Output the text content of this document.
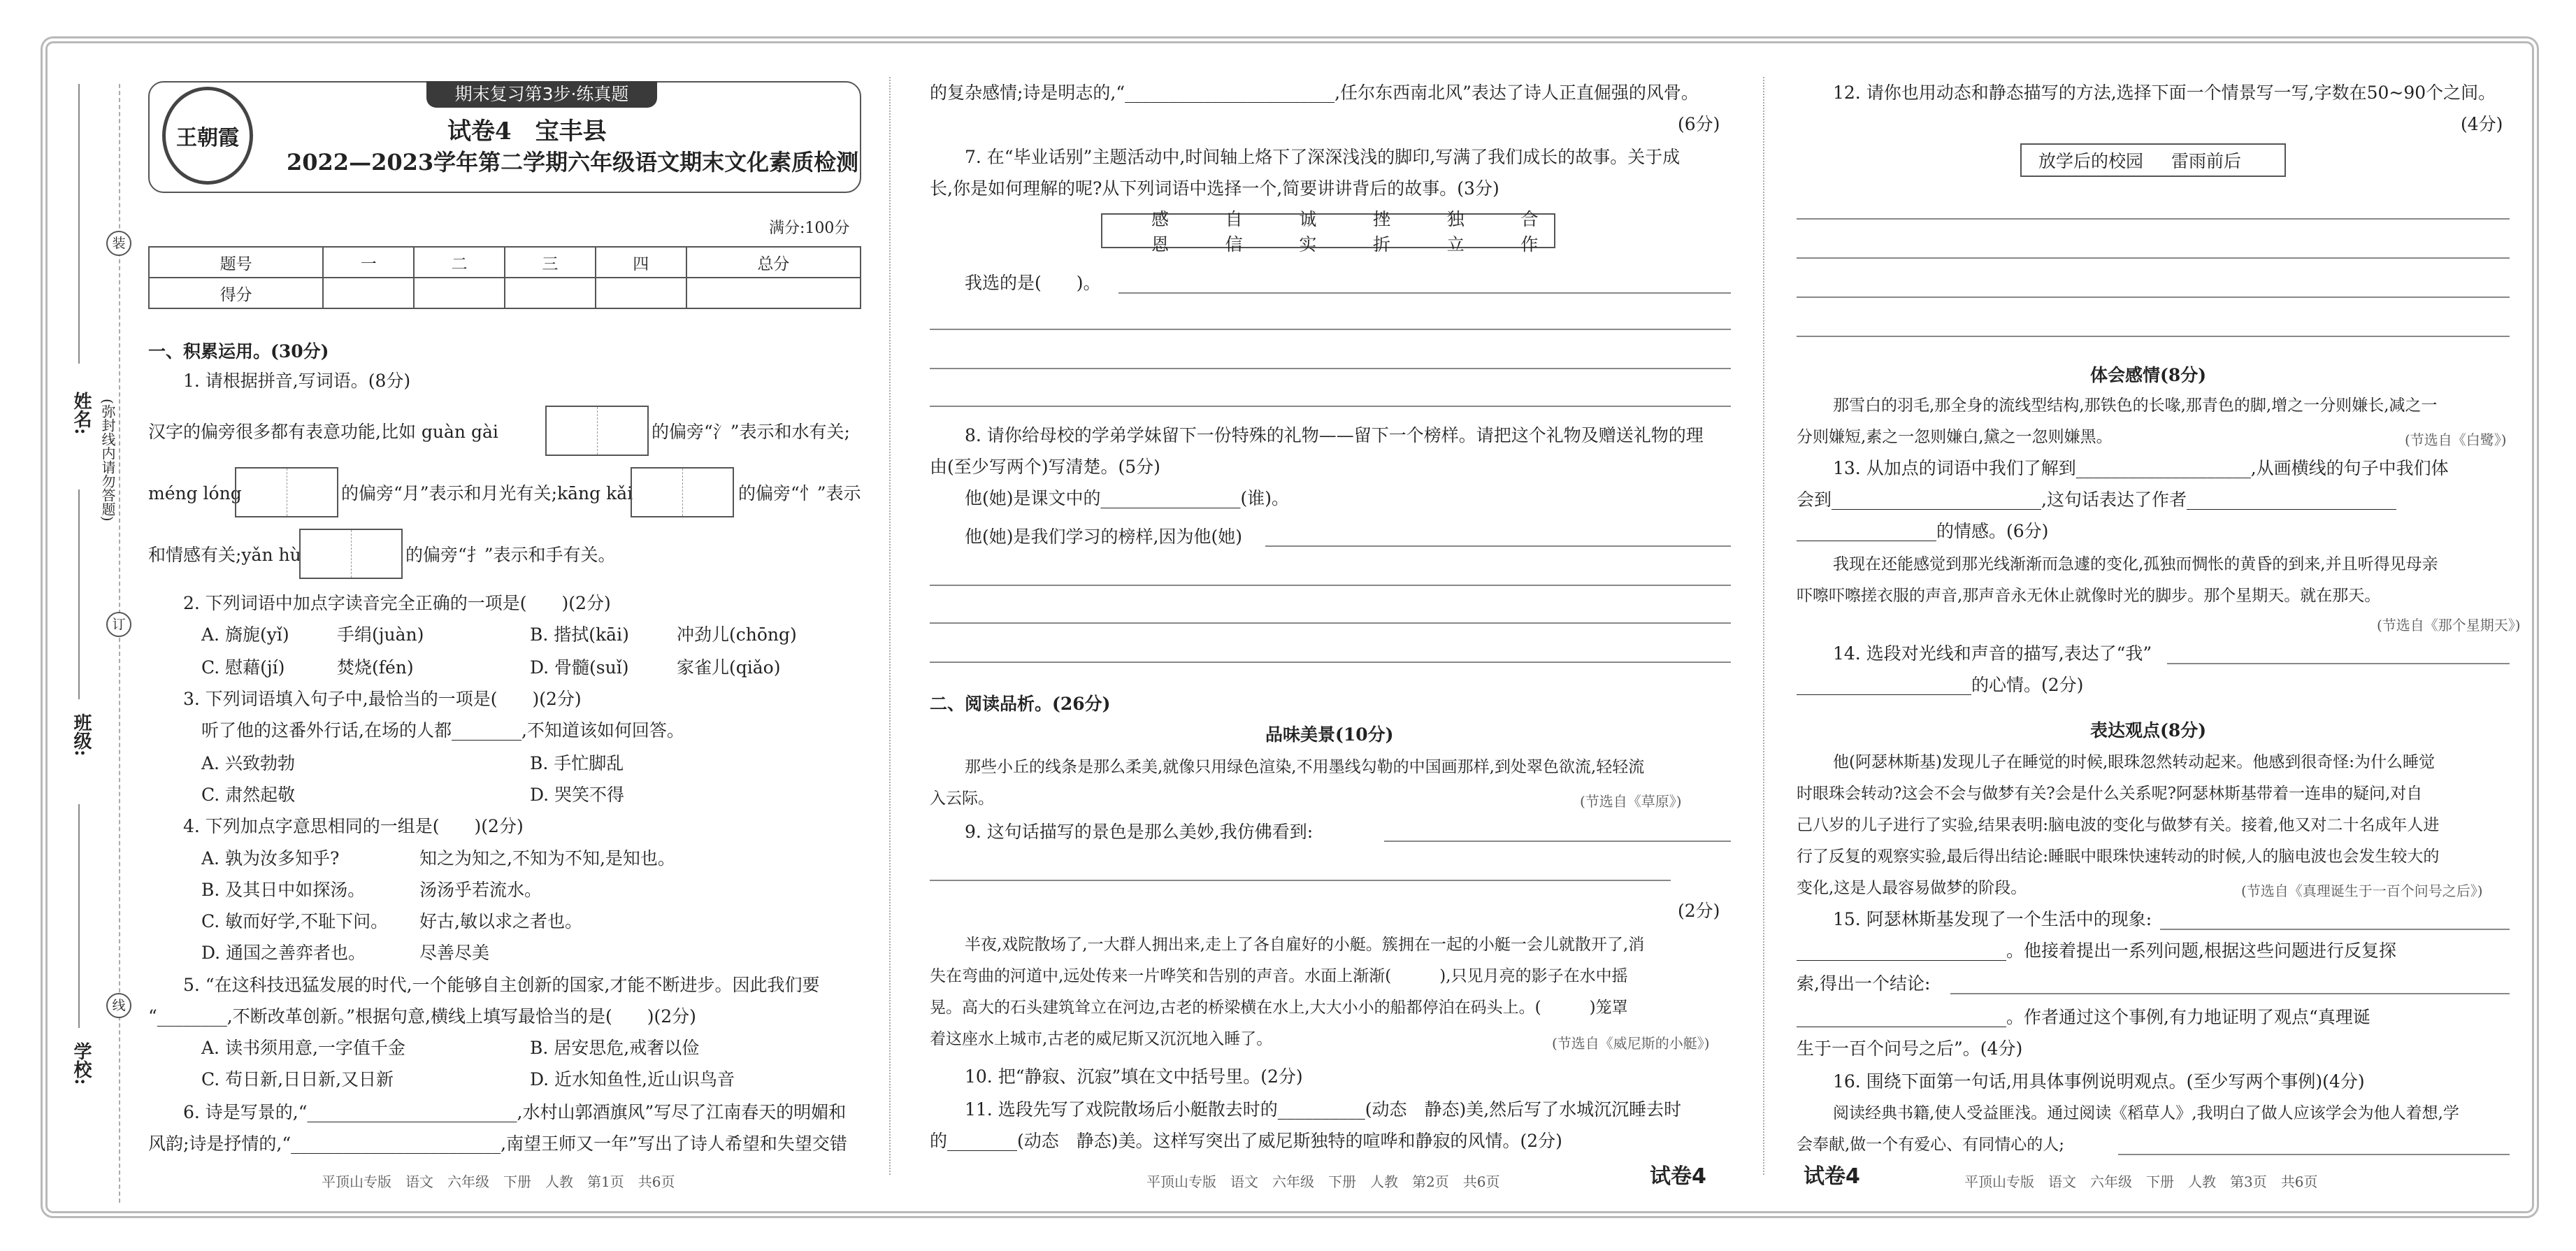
装
订
线
姓名: (弥封线内请勿答题)
班级:
学校:
期末复习第3步·练真题
王朝霞	试卷4　宝丰县
2022—2023学年第二学期六年级语文期末文化素质检测
满分:100分
题号	一	二	三	四	总分
得分					
一、积累运用。(30分)
1. 请根据拼音,写词语。(8分)
汉字的偏旁很多都有表意功能,比如 guàn gài	的偏旁“氵”表示和水有关;
méng lóng	的偏旁“月”表示和月光有关;kāng kǎi	的偏旁“忄”表示
和情感有关;yǎn hù	的偏旁“扌”表示和手有关。
2. 下列词语中加点字读音完全正确的一项是(　　)(2分)
A. 旖旎(yǐ)	手绢(juàn)	B. 揩拭(kāi)	冲劲儿(chōng)
C. 慰藉(jí)	焚烧(fén)	D. 骨髓(suǐ)	家雀儿(qiǎo)
3. 下列词语填入句子中,最恰当的一项是(　　)(2分)
听了他的这番外行话,在场的人都________,不知道该如何回答。
A. 兴致勃勃	B. 手忙脚乱
C. 肃然起敬	D. 哭笑不得
4. 下列加点字意思相同的一组是(　　)(2分)
A. 孰为汝多知乎?	知之为知之,不知为不知,是知也。
B. 及其日中如探汤。	汤汤乎若流水。
C. 敏而好学,不耻下问。 好古,敏以求之者也。
D. 通国之善弈者也。	尽善尽美
5. “在这科技迅猛发展的时代,一个能够自主创新的国家,才能不断进步。因此我们要
“________,不断改革创新。”根据句意,横线上填写最恰当的是(　　)(2分)
A. 读书须用意,一字值千金	B. 居安思危,戒奢以俭
C. 苟日新,日日新,又日新	D. 近水知鱼性,近山识鸟音
6. 诗是写景的,“________________________,水村山郭酒旗风”写尽了江南春天的明媚和
风韵;诗是抒情的,“________________________,南望王师又一年”写出了诗人希望和失望交错
平顶山专版　语文　六年级　下册　人教　第1页　共6页
的复杂感情;诗是明志的,“________________________,任尔东西南北风”表达了诗人正直倔强的风骨。
(6分)
7. 在“毕业话别”主题活动中,时间轴上烙下了深深浅浅的脚印,写满了我们成长的故事。关于成
长,你是如何理解的呢?从下列词语中选择一个,简要讲讲背后的故事。(3分)
感恩
自信
诚实
挫折
独立
合作
我选的是(　　)。
8. 请你给母校的学弟学妹留下一份特殊的礼物——留下一个榜样。请把这个礼物及赠送礼物的理
由(至少写两个)写清楚。(5分)
他(她)是课文中的________________(谁)。
他(她)是我们学习的榜样,因为他(她)
二、阅读品析。(26分)
品味美景(10分)
那些小丘的线条是那么柔美,就像只用绿色渲染,不用墨线勾勒的中国画那样,到处翠色欲流,轻轻流
入云际。	(节选自《草原》)
9. 这句话描写的景色是那么美妙,我仿佛看到:
(2分)
半夜,戏院散场了,一大群人拥出来,走上了各自雇好的小艇。簇拥在一起的小艇一会儿就散开了,消
失在弯曲的河道中,远处传来一片哗笑和告别的声音。水面上渐渐(　　　),只见月亮的影子在水中摇
晃。高大的石头建筑耸立在河边,古老的桥梁横在水上,大大小小的船都停泊在码头上。(　　　)笼罩
着这座水上城市,古老的威尼斯又沉沉地入睡了。	(节选自《威尼斯的小艇》)
10. 把“静寂、沉寂”填在文中括号里。(2分)
11. 选段先写了戏院散场后小艇散去时的__________(动态　静态)美,然后写了水城沉沉睡去时
的________(动态　静态)美。这样写突出了威尼斯独特的喧哗和静寂的风情。(2分)
平顶山专版　语文　六年级　下册　人教　第2页　共6页	试卷4
12. 请你也用动态和静态描写的方法,选择下面一个情景写一写,字数在50~90个之间。
(4分)
放学后的校园 雷雨前后
体会感情(8分)
那雪白的羽毛,那全身的流线型结构,那铁色的长喙,那青色的脚,增之一分则嫌长,减之一
分则嫌短,素之一忽则嫌白,黛之一忽则嫌黑。	(节选自《白鹭》)
13. 从加点的词语中我们了解到____________________,从画横线的句子中我们体
会到________________________,这句话表达了作者________________________
________________的情感。(6分)
我现在还能感觉到那光线渐渐而急遽的变化,孤独而惆怅的黄昏的到来,并且听得见母亲
吓嚓吓嚓搓衣服的声音,那声音永无休止就像时光的脚步。那个星期天。就在那天。
(节选自《那个星期天》)
14. 选段对光线和声音的描写,表达了“我”
____________________的心情。(2分)
表达观点(8分)
他(阿瑟林斯基)发现儿子在睡觉的时候,眼珠忽然转动起来。他感到很奇怪:为什么睡觉
时眼珠会转动?这会不会与做梦有关?会是什么关系呢?阿瑟林斯基带着一连串的疑问,对自
己八岁的儿子进行了实验,结果表明:脑电波的变化与做梦有关。接着,他又对二十名成年人进
行了反复的观察实验,最后得出结论:睡眠中眼珠快速转动的时候,人的脑电波也会发生较大的
变化,这是人最容易做梦的阶段。	(节选自《真理诞生于一百个问号之后》)
15. 阿瑟林斯基发现了一个生活中的现象:
________________________。他接着提出一系列问题,根据这些问题进行反复探
索,得出一个结论:
________________________。作者通过这个事例,有力地证明了观点“真理诞
生于一百个问号之后”。(4分)
16. 围绕下面第一句话,用具体事例说明观点。(至少写两个事例)(4分)
阅读经典书籍,使人受益匪浅。通过阅读《稻草人》,我明白了做人应该学会为他人着想,学
会奉献,做一个有爱心、有同情心的人;
试卷4	平顶山专版　语文　六年级　下册　人教　第3页　共6页
